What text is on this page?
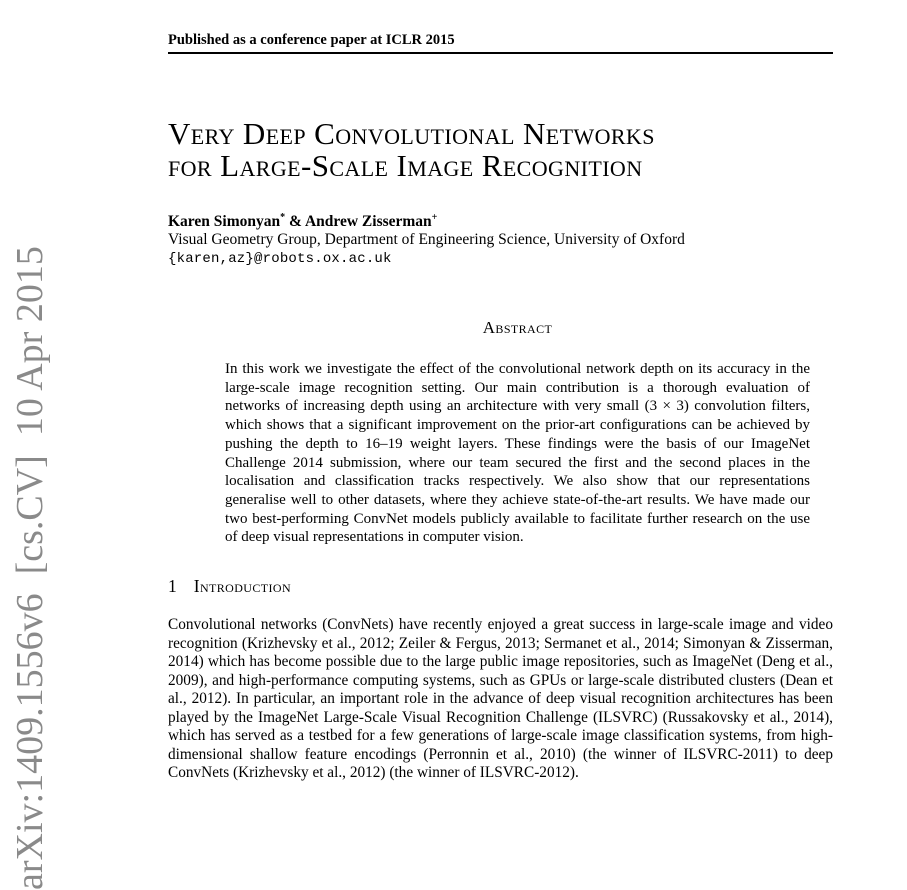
arXiv:1409.1556v6  [cs.CV]  10 Apr 2015
Published as a conference paper at ICLR 2015
Very Deep Convolutional Networks
for Large-Scale Image Recognition
Karen Simonyan* & Andrew Zisserman+
Visual Geometry Group, Department of Engineering Science, University of Oxford
{karen,az}@robots.ox.ac.uk
Abstract

In this work we investigate the effect of the convolutional network depth on its accuracy in the large-scale image recognition setting. Our main contribution is a thorough evaluation of networks of increasing depth using an architecture with very small (3 × 3) convolution filters, which shows that a significant improvement on the prior-art configurations can be achieved by pushing the depth to 16–19 weight layers. These findings were the basis of our ImageNet Challenge 2014 submission, where our team secured the first and the second places in the localisation and classification tracks respectively. We also show that our representations generalise well to other datasets, where they achieve state-of-the-art results. We have made our two best-performing ConvNet models publicly available to facilitate further research on the use of deep visual representations in computer vision.

1 Introduction

Convolutional networks (ConvNets) have recently enjoyed a great success in large-scale image and video recognition (Krizhevsky et al., 2012; Zeiler & Fergus, 2013; Sermanet et al., 2014; Simonyan & Zisserman, 2014) which has become possible due to the large public image repositories, such as ImageNet (Deng et al., 2009), and high-performance computing systems, such as GPUs or large-scale distributed clusters (Dean et al., 2012). In particular, an important role in the advance of deep visual recognition architectures has been played by the ImageNet Large-Scale Visual Recognition Challenge (ILSVRC) (Russakovsky et al., 2014), which has served as a testbed for a few generations of large-scale image classification systems, from high-dimensional shallow feature encodings (Perronnin et al., 2010) (the winner of ILSVRC-2011) to deep ConvNets (Krizhevsky et al., 2012) (the winner of ILSVRC-2012).
